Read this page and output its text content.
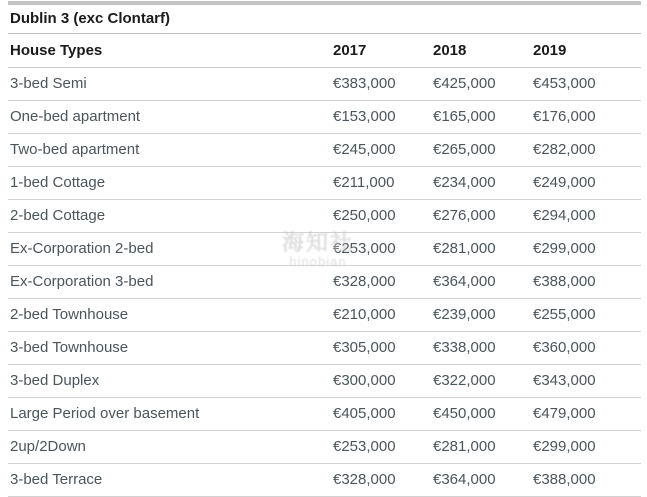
Dublin 3 (exc Clontarf)			
House Types	2017	2018	2019
3-bed Semi	€383,000	€425,000	€453,000
One-bed apartment	€153,000	€165,000	€176,000
Two-bed apartment	€245,000	€265,000	€282,000
1-bed Cottage	€211,000	€234,000	€249,000
2-bed Cottage	€250,000	€276,000	€294,000
Ex-Corporation 2-bed	€253,000	€281,000	€299,000
Ex-Corporation 3-bed	€328,000	€364,000	€388,000
2-bed Townhouse	€210,000	€239,000	€255,000
3-bed Townhouse	€305,000	€338,000	€360,000
3-bed Duplex	€300,000	€322,000	€343,000
Large Period over basement	€405,000	€450,000	€479,000
2up/2Down	€253,000	€281,000	€299,000
3-bed Terrace	€328,000	€364,000	€388,000
海知社
hinobian
